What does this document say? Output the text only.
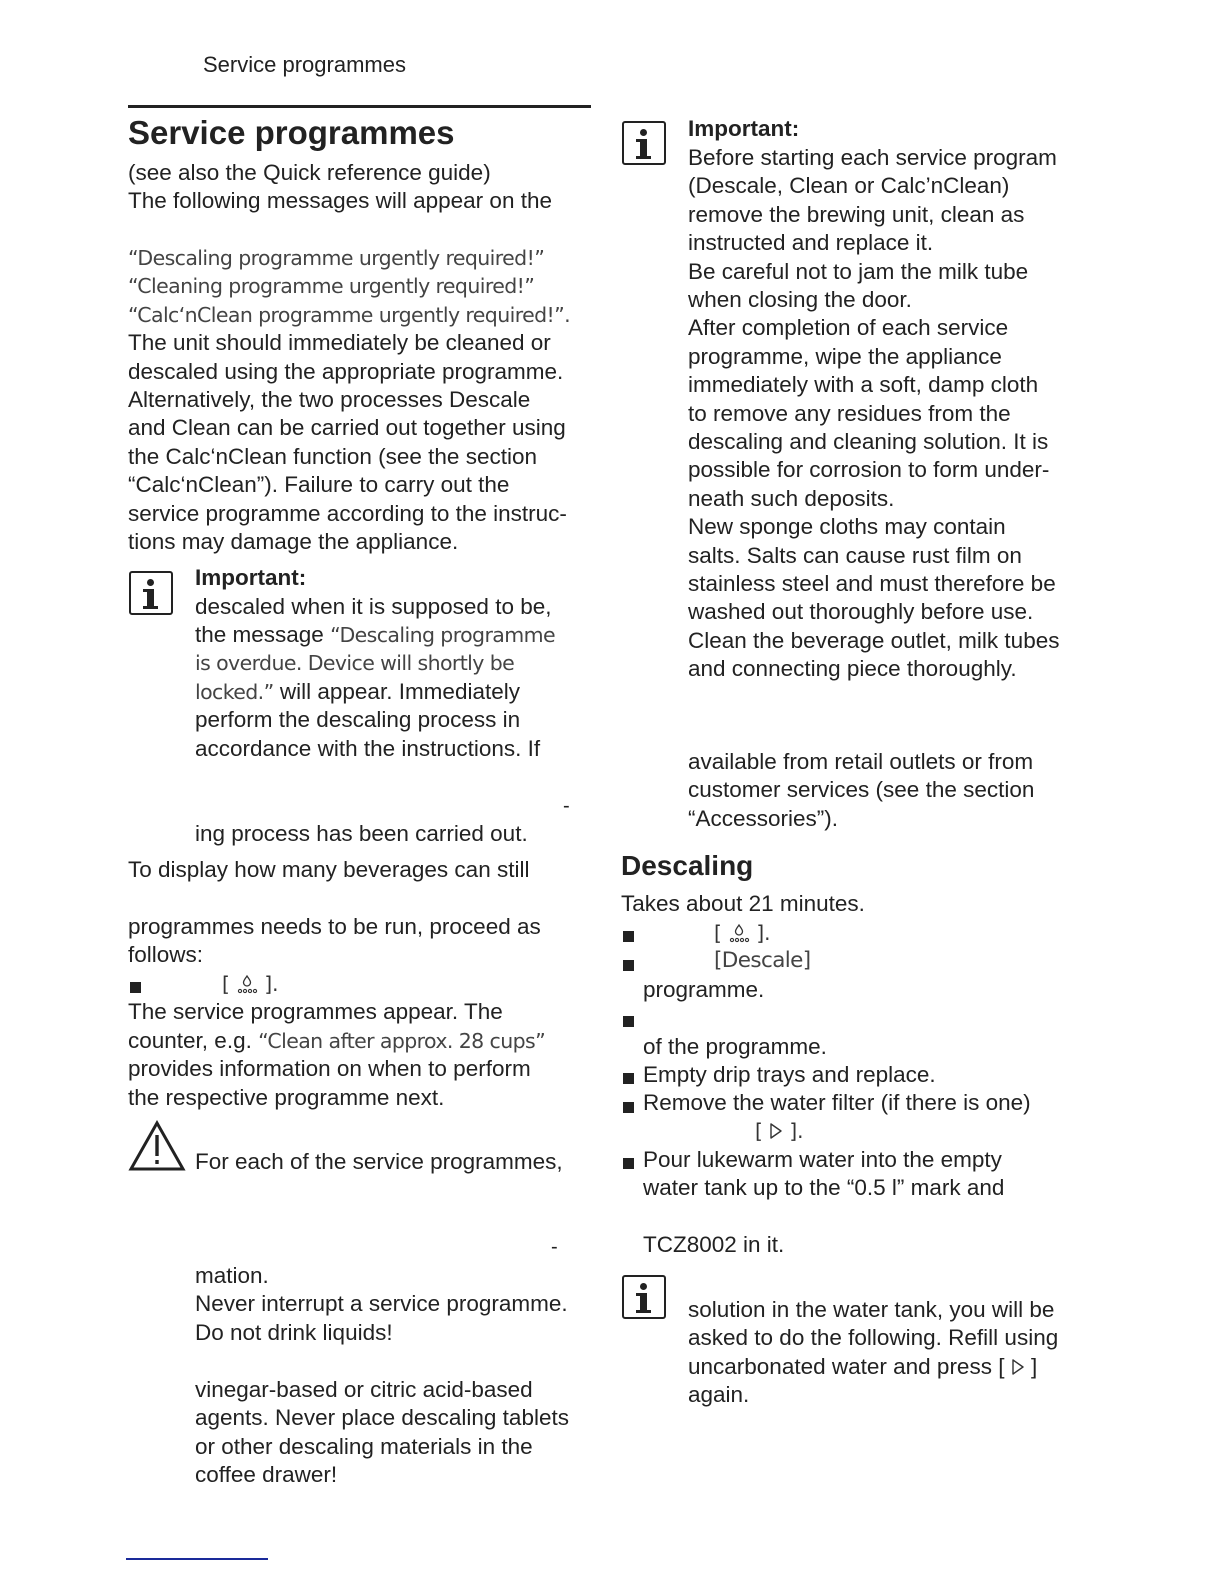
Service programmes
Service programmes
(see also the Quick reference guide)
The following messages will appear on the
“Descaling programme urgently required!”
“Cleaning programme urgently required!”
“Calc‘nClean programme urgently required!”.
The unit should immediately be cleaned or
descaled using the appropriate programme.
Alternatively, the two processes Descale
and Clean can be carried out together using
the Calc‘nClean function (see the section
“Calc‘nClean”). Failure to carry out the
service programme according to the instruc-
tions may damage the appliance.
Important:
descaled when it is supposed to be,
the message “Descaling programme
is overdue. Device will shortly be
locked.” will appear. Immediately
perform the descaling process in
accordance with the instructions. If
-
ing process has been carried out.
To display how many beverages can still
programmes needs to be run, proceed as
follows:
[ ].
The service programmes appear. The
counter, e.g. “Clean after approx. 28 cups”
provides information on when to perform
the respective programme next.
For each of the service programmes,
-
mation.
Never interrupt a service programme.
Do not drink liquids!
vinegar-based or citric acid-based
agents. Never place descaling tablets
or other descaling materials in the
coffee drawer!
Important:
Before starting each service program
(Descale, Clean or Calc’nClean)
remove the brewing unit, clean as
instructed and replace it.
Be careful not to jam the milk tube
when closing the door.
After completion of each service
programme, wipe the appliance
immediately with a soft, damp cloth
to remove any residues from the
descaling and cleaning solution. It is
possible for corrosion to form under-
neath such deposits.
New sponge cloths may contain
salts. Salts can cause rust film on
stainless steel and must therefore be
washed out thoroughly before use.
Clean the beverage outlet, milk tubes
and connecting piece thoroughly.
available from retail outlets or from
customer services (see the section
“Accessories”).
Descaling
Takes about 21 minutes.
[ ].
[Descale]
programme.
of the programme.
Empty drip trays and replace.
Remove the water filter (if there is one)
[ ].
Pour lukewarm water into the empty
water tank up to the “0.5 l” mark and
TCZ8002 in it.
solution in the water tank, you will be
asked to do the following. Refill using
uncarbonated water and press [ ]
again.
